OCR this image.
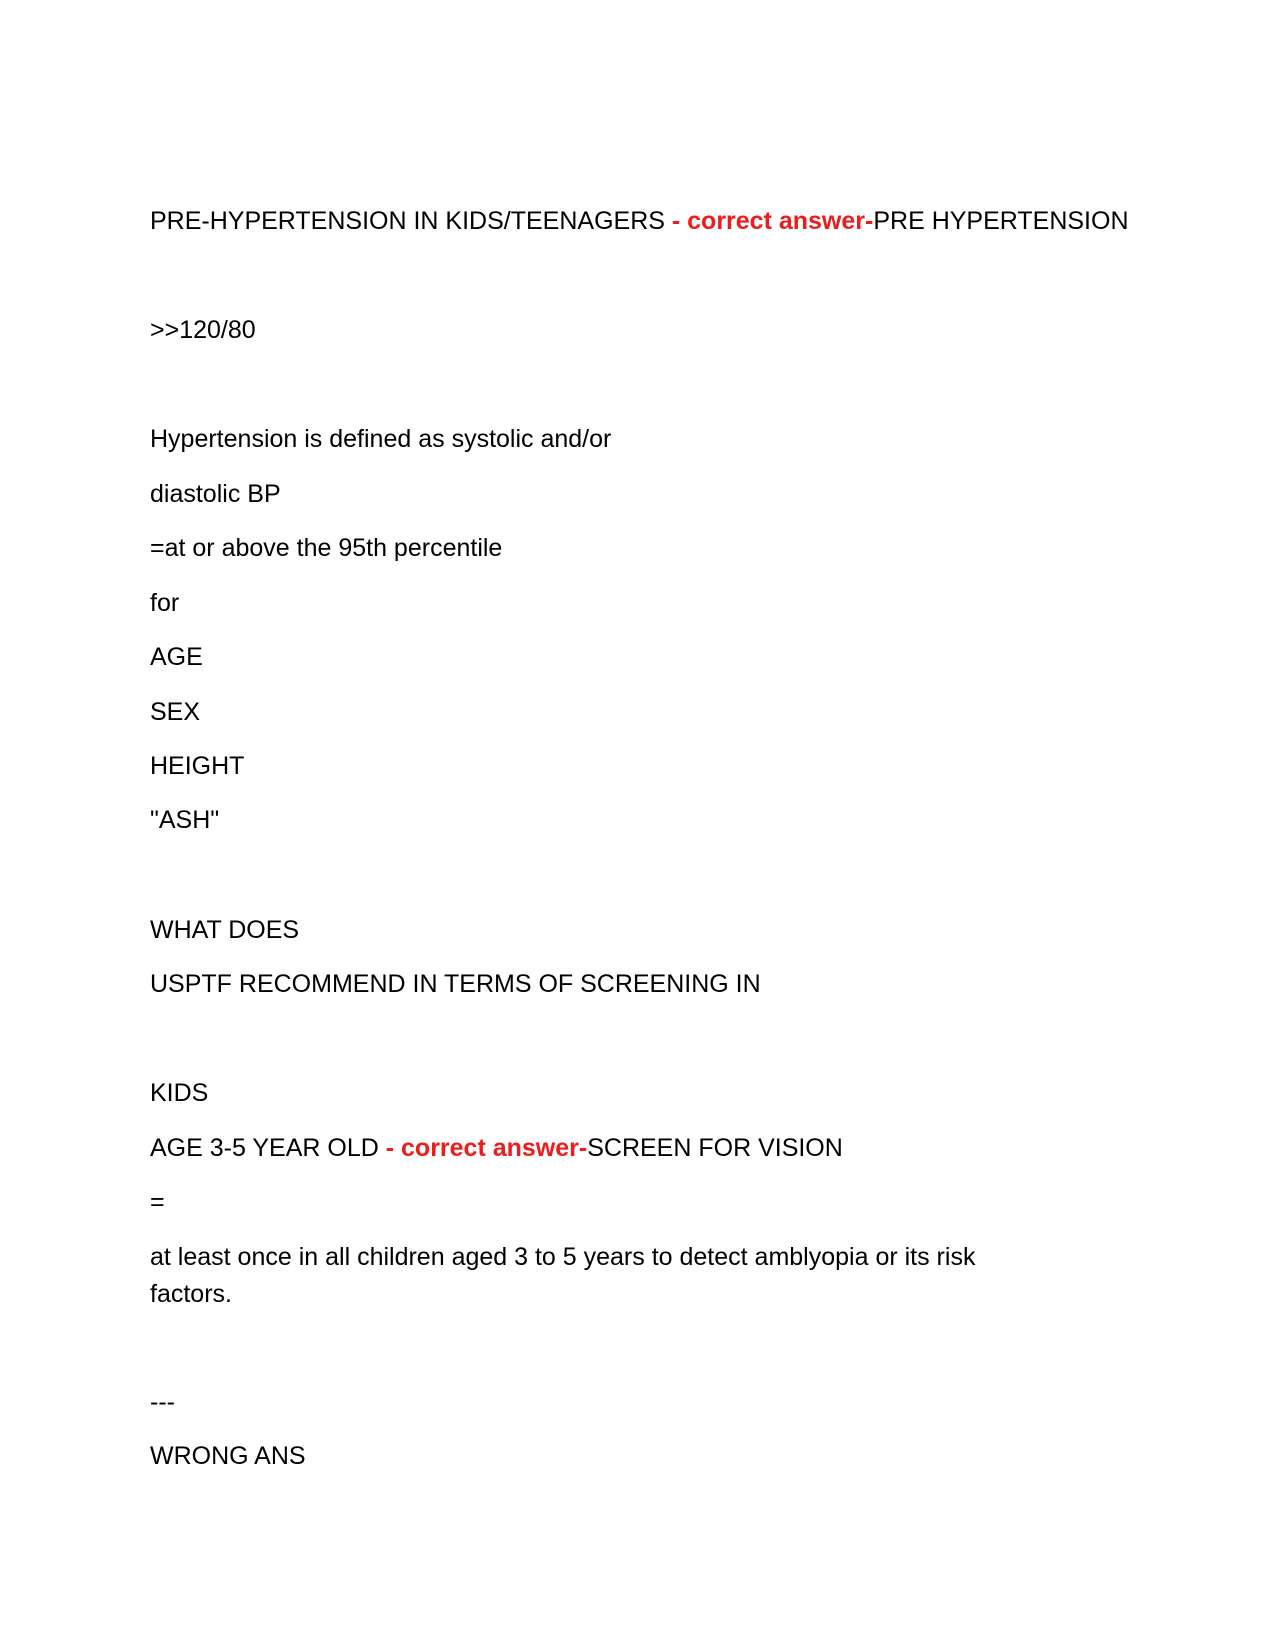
PRE-HYPERTENSION IN KIDS/TEENAGERS - correct answer-PRE HYPERTENSION
>>120/80
Hypertension is defined as systolic and/or
diastolic BP
=at or above the 95th percentile
for
AGE
SEX
HEIGHT
"ASH"
WHAT DOES
USPTF RECOMMEND IN TERMS OF SCREENING IN
KIDS
AGE 3-5 YEAR OLD - correct answer-SCREEN FOR VISION
=
at least once in all children aged 3 to 5 years to detect amblyopia or its risk factors.
---
WRONG ANS
